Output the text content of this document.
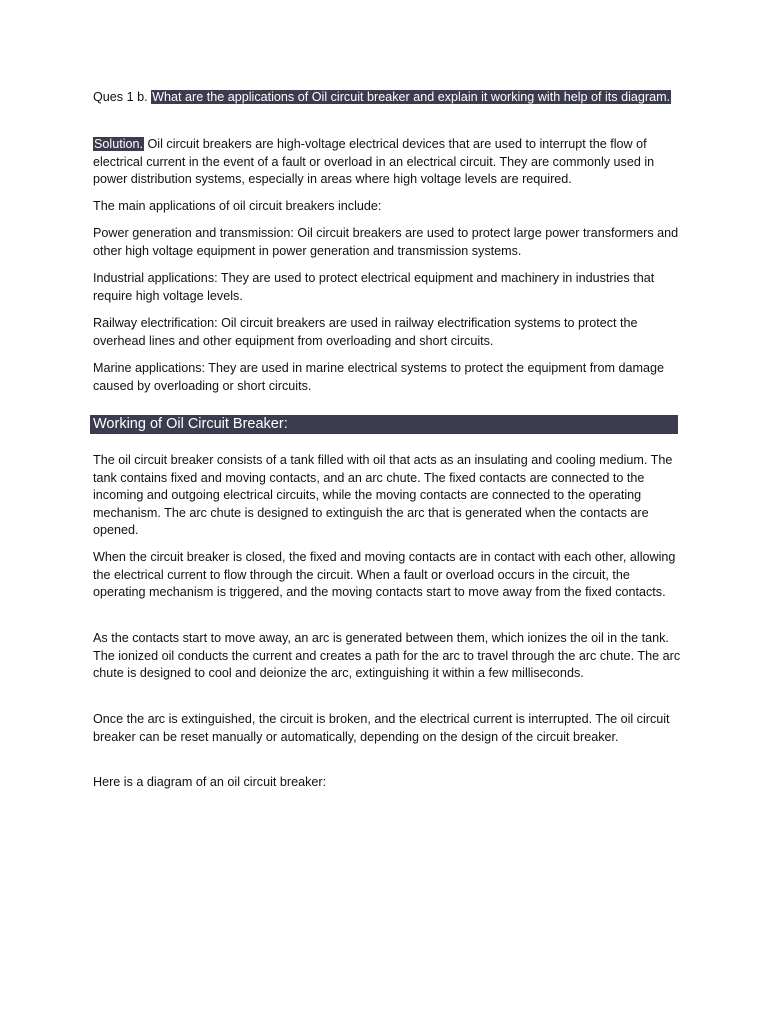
Ques 1 b. What are the applications of Oil circuit breaker and explain it working with help of its diagram.

Solution. Oil circuit breakers are high-voltage electrical devices that are used to interrupt the flow of electrical current in the event of a fault or overload in an electrical circuit. They are commonly used in power distribution systems, especially in areas where high voltage levels are required.

The main applications of oil circuit breakers include:

Power generation and transmission: Oil circuit breakers are used to protect large power transformers and other high voltage equipment in power generation and transmission systems.

Industrial applications: They are used to protect electrical equipment and machinery in industries that require high voltage levels.

Railway electrification: Oil circuit breakers are used in railway electrification systems to protect the overhead lines and other equipment from overloading and short circuits.

Marine applications: They are used in marine electrical systems to protect the equipment from damage caused by overloading or short circuits.

Working of Oil Circuit Breaker:

The oil circuit breaker consists of a tank filled with oil that acts as an insulating and cooling medium. The tank contains fixed and moving contacts, and an arc chute. The fixed contacts are connected to the incoming and outgoing electrical circuits, while the moving contacts are connected to the operating mechanism. The arc chute is designed to extinguish the arc that is generated when the contacts are opened.

When the circuit breaker is closed, the fixed and moving contacts are in contact with each other, allowing the electrical current to flow through the circuit. When a fault or overload occurs in the circuit, the operating mechanism is triggered, and the moving contacts start to move away from the fixed contacts.

As the contacts start to move away, an arc is generated between them, which ionizes the oil in the tank. The ionized oil conducts the current and creates a path for the arc to travel through the arc chute. The arc chute is designed to cool and deionize the arc, extinguishing it within a few milliseconds.

Once the arc is extinguished, the circuit is broken, and the electrical current is interrupted. The oil circuit breaker can be reset manually or automatically, depending on the design of the circuit breaker.

Here is a diagram of an oil circuit breaker:
